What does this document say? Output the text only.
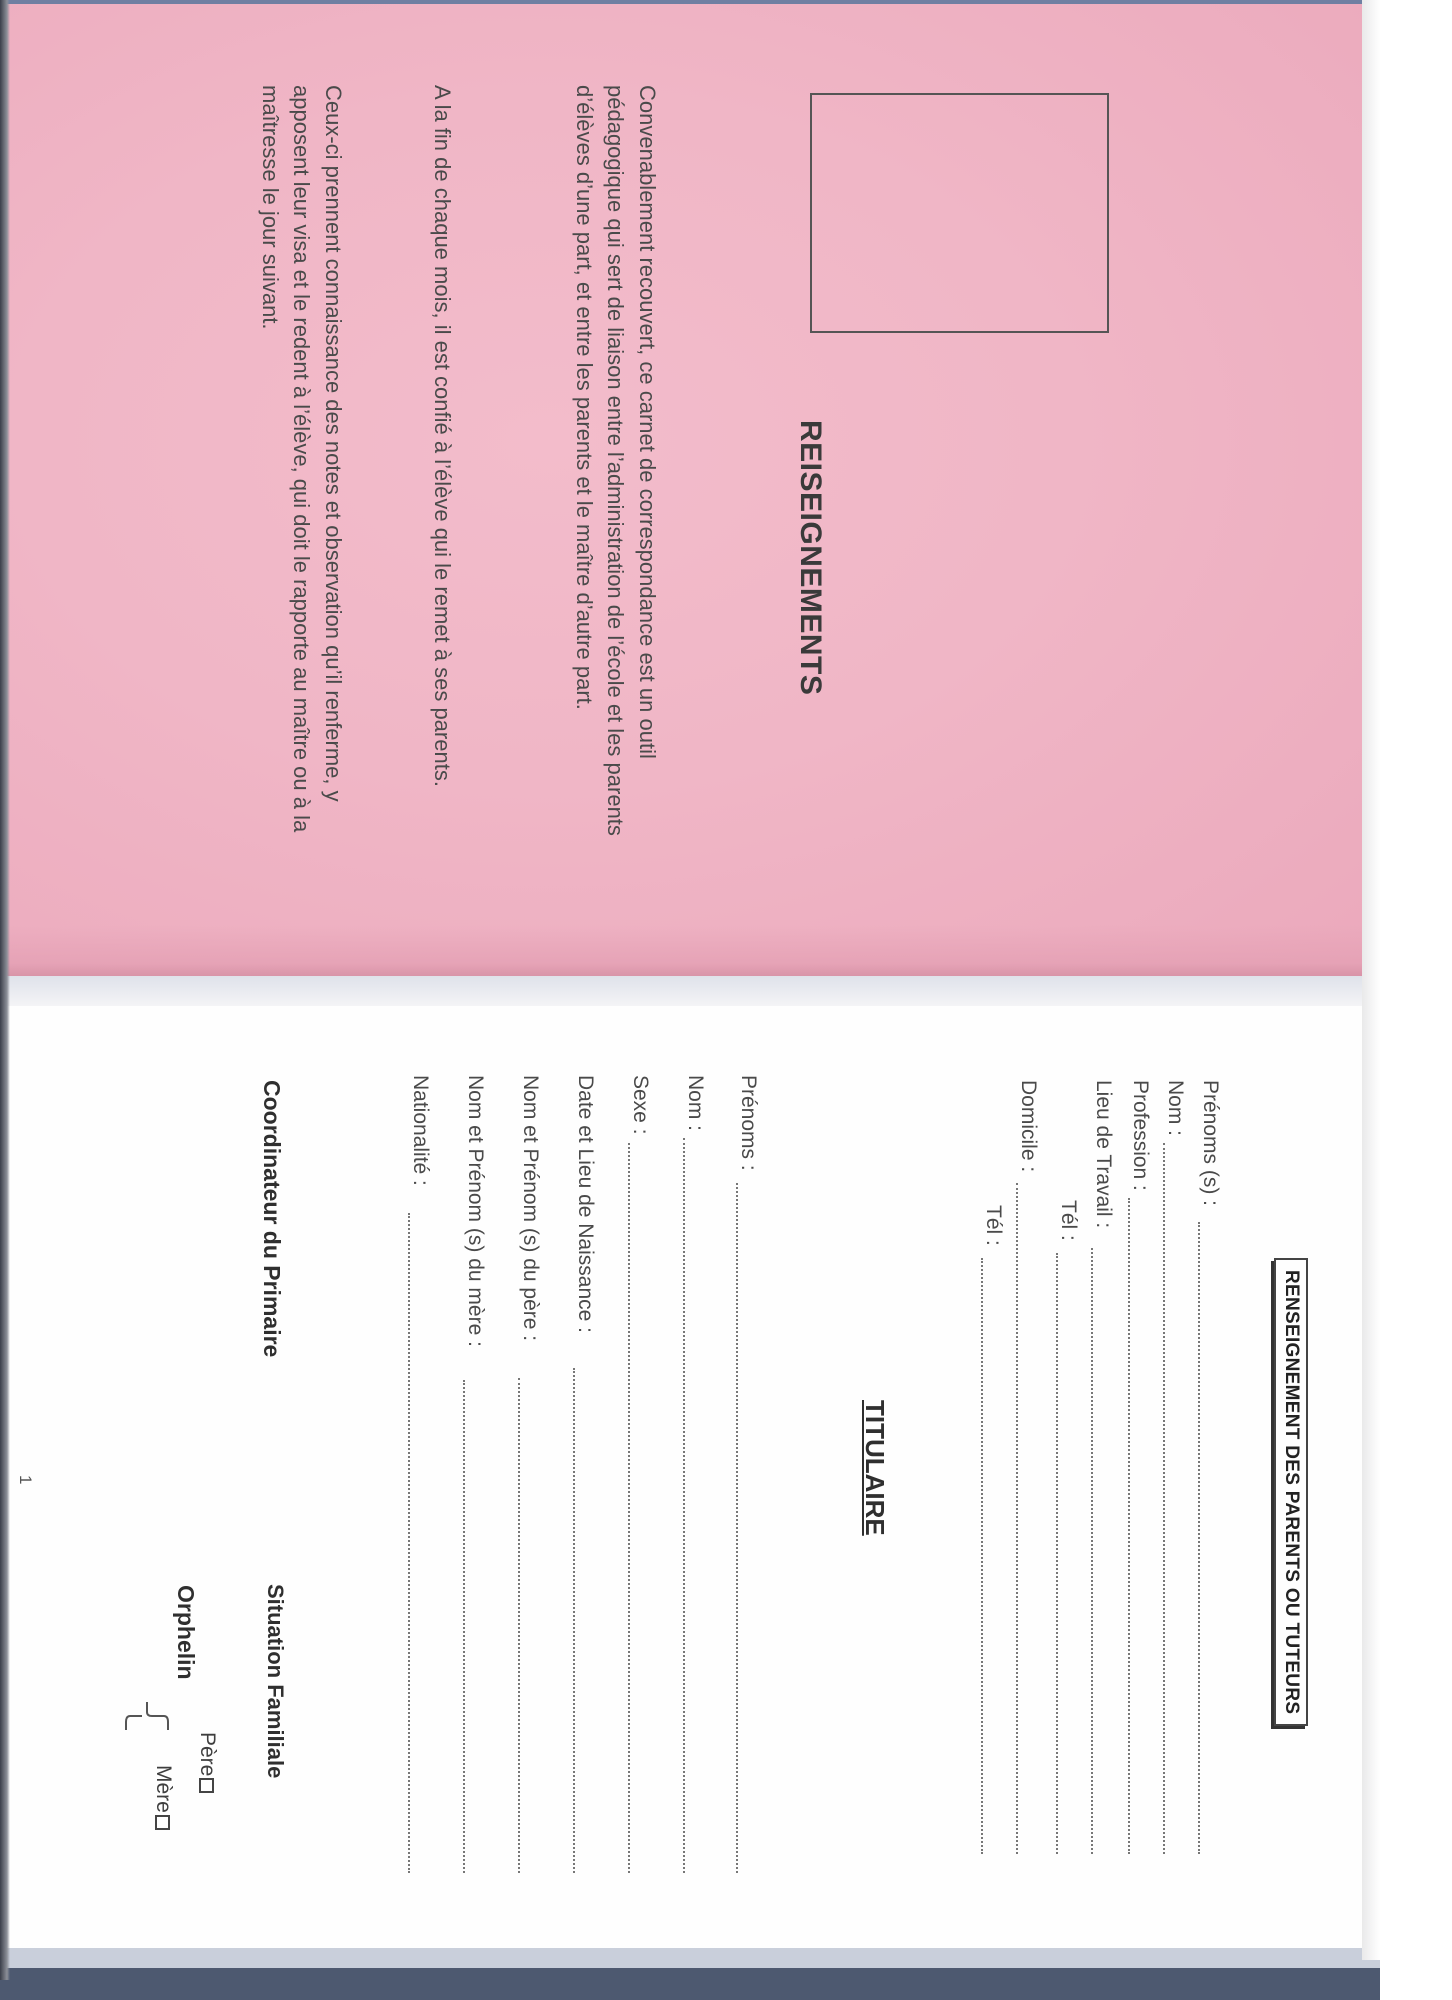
REISEIGNEMENTS
Convenablement recouvert, ce carnet de correspondance est un outil pédagogique qui sert de liaison entre l’administration de l’école et les parents d’élèves d’une part, et entre les parents et le maître d’autre part.
A la fin de chaque mois, il est confié à l’élève qui le remet à ses parents.
Ceux-ci prennent connaissance des notes et observation qu’il renferme, y apposent leur visa et le redent à l’élève, qui doit le rapporte au maître ou à la maîtresse le jour suivant.
RENSEIGNEMENT DES PARENTS OU TUTEURS
Prénoms (s) :
Nom :
Profession :
Lieu de Travail :
Tél :
Domicile :
Tél :
TITULAIRE
Prénoms :
Nom :
Sexe :
Date et Lieu de Naissance :
Nom et Prénom (s) du père :
Nom et Prénom (s) du mère :
Nationalité :
Coordinateur du Primaire
Situation Familiale
Orphelin
Père
Mère
1
